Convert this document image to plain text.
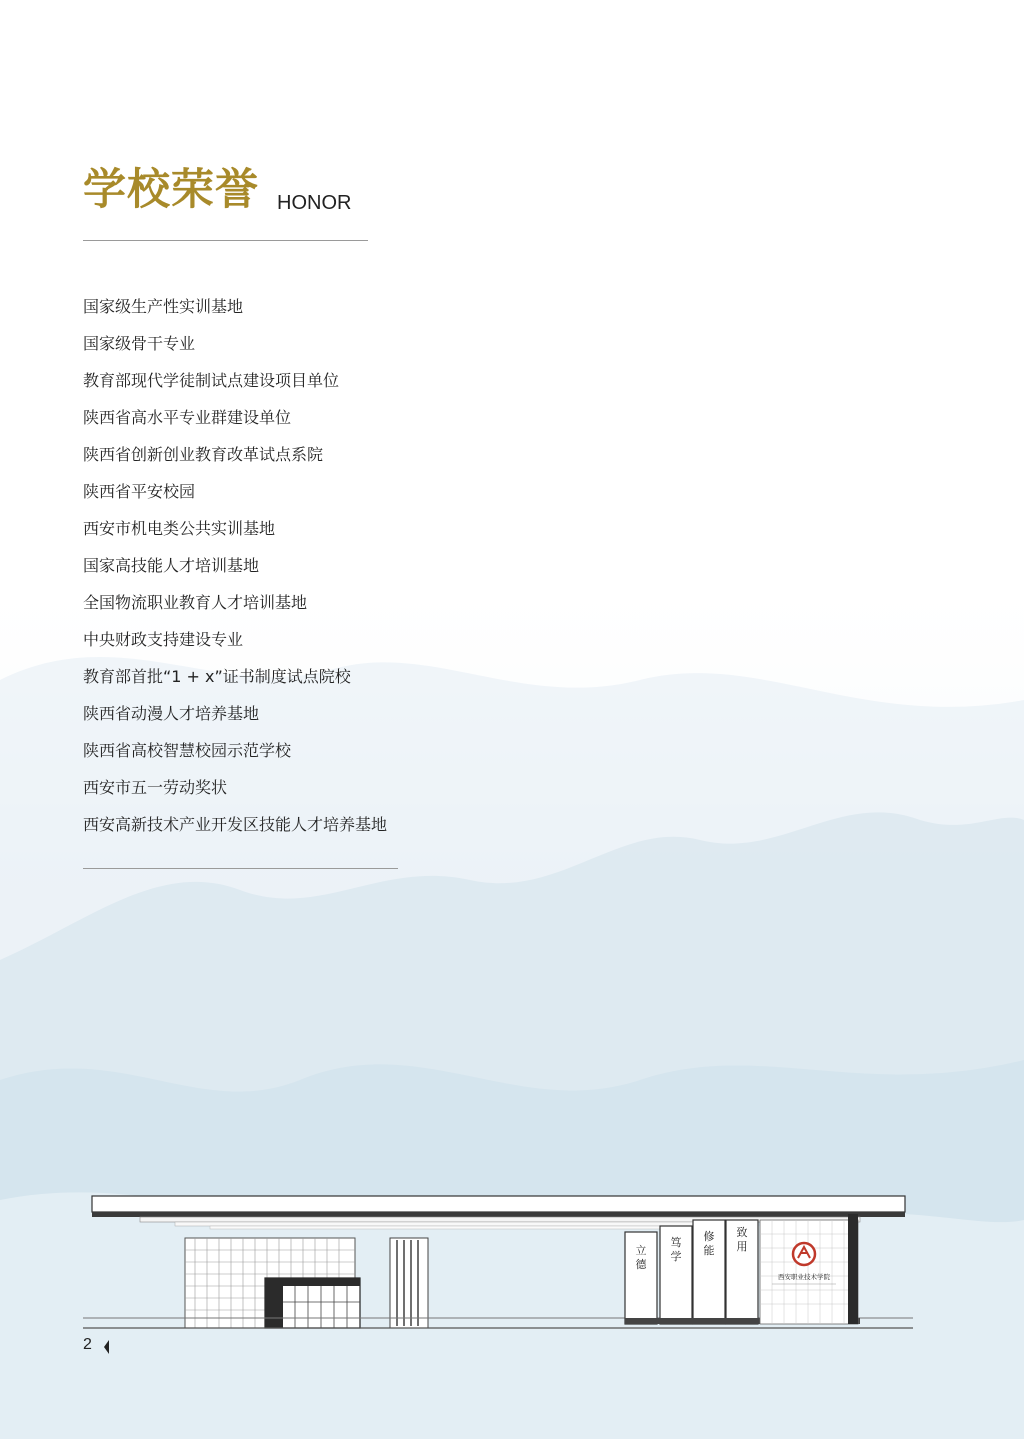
学校荣誉 HONOR
国家级生产性实训基地
国家级骨干专业
教育部现代学徒制试点建设项目单位
陕西省高水平专业群建设单位
陕西省创新创业教育改革试点系院
陕西省平安校园
西安市机电类公共实训基地
国家高技能人才培训基地
全国物流职业教育人才培训基地
中央财政支持建设专业
教育部首批“1 + x”证书制度试点院校
陕西省动漫人才培养基地
陕西省高校智慧校园示范学校
西安市五一劳动奖状
西安高新技术产业开发区技能人才培养基地
西安职业技术学院
立德
笃学
修能
致用
2
